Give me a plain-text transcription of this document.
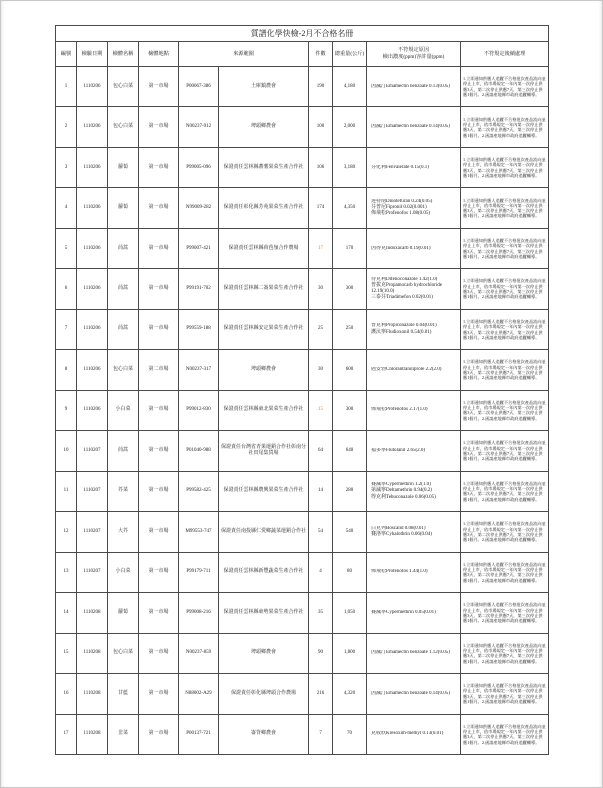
質譜化學快檢-2月不合格名冊									
編號	檢驗日期	檢體名稱	檢體地點	來源範圍		件數	總重量(公斤)	不符規定原因
檢出濃度(ppm)容許量(ppm)	不符規定後續處理
1	1110206	包心白菜	第一市場	P00067-386	土庫鎮農會	190	4,180	因滅汀Emamectin benzoate 0.13(0.05)	1.立即通知供應人追蹤不合格批次產品流向並停止上市，依市場規定一年內第一次停止供應3天，第二次停止供應7天，第三次停止供應1個月。2.函請產地縣市政府追蹤輔導。

2	1110206	包心白菜	第一市場	N00237-912	埤頭鄉農會	100	2,000	因滅汀Emamectin benzoate 0.14(0.05)	1.立即通知供應人追蹤不合格批次產品流向並停止上市，依市場規定一年內第一次停止供應3天，第二次停止供應7天，第三次停止供應1個月。2.函請產地縣市政府追蹤輔導。

3	1110206	蘿蔔	第一市場	P99005-096	保證責任雲林縣蕃薯果菜生產合作社	106	3,180	芬化利Fenvalerate 0.15(0.1)	1.立即通知供應人追蹤不合格批次產品流向並停止上市，依市場規定一年內第一次停止供應3天，第二次停止供應7天，第三次停止供應1個月。2.函請產地縣市政府追蹤輔導。

4	1110206	蘿蔔	第一市場	N99009-282	保證責任彰化縣芳苑果菜生產合作社	174	4,350	達特南Dinotefuran 0.24(0.05)
芬普尼Fipronil 0.02(0.001)
佈飛松Profenofos 1.08(0.05)	1.立即通知供應人追蹤不合格批次產品流向並停止上市，依市場規定一年內第一次停止供應3天，第二次停止供應7天，第三次停止供應1個月。2.函請產地縣市政府追蹤輔導。

5	1110206	茼蒿	第一市場	P99007-421	保證責任雲林縣荷苞嶺合作農場	17	170	因得克Indoxacarb 0.19(0.01)	1.立即通知供應人追蹤不合格批次產品流向並停止上市，依市場規定一年內第一次停止供應3天，第二次停止供應7天，第三次停止供應1個月。2.函請產地縣市政府追蹤輔導。

6	1110206	茼蒿	第一市場	P99191-702	保證責任雲林縣二崙果菜生產合作社	30	300	待克利Difenoconazole 1.42(1.0)
普拔克Propamocarb hydrochloride 12.19(10.0)
三泰芬Triadimefon 0.02(0.01)	1.立即通知供應人追蹤不合格批次產品流向並停止上市，依市場規定一年內第一次停止供應3天，第二次停止供應7天，第三次停止供應1個月。2.函請產地縣市政府追蹤輔導。

7	1110206	茼蒿	第一市場	P99559-188	保證責任雲林縣安定果菜生產合作社	25	250	普克利Propiconazole 0.04(0.01)
護汰寧Fludioxonil 0.54(0.01)	1.立即通知供應人追蹤不合格批次產品流向並停止上市，依市場規定一年內第一次停止供應3天，第二次停止供應7天，第三次停止供應1個月。2.函請產地縣市政府追蹤輔導。

8	1110206	包心白菜	第二市場	N00237-317	埤頭鄉農會	30	600	剋安勃Chlorantraniliprole 2.2(2.0)	1.立即通知供應人追蹤不合格批次產品流向並停止上市，依市場規定一年內第一次停止供應3天，第二次停止供應7天，第三次停止供應1個月。2.函請產地縣市政府追蹤輔導。

9	1110206	小白菜	第一市場	P99012-830	保證責任雲林縣東北果菜生產合作社	15	300	佈飛松Profenofos 2.17(1.0)	1.立即通知供應人追蹤不合格批次產品流向並停止上市，依市場規定一年內第一次停止供應3天，第二次停止供應7天，第三次停止供應1個月。2.函請產地縣市政府追蹤輔導。

10	1110207	茼蒿	第一市場	P01040-988	保證責任台灣省青果運銷合作社彰南分社田尾集貨場	64	640	福多寧Flutolanil 2.65(2.0)	1.立即通知供應人追蹤不合格批次產品流向並停止上市，依市場規定一年內第一次停止供應3天，第二次停止供應7天，第三次停止供應1個月。2.函請產地縣市政府追蹤輔導。

11	1110207	芥菜	第一市場	P99582-425	保證責任雲林縣農興果菜生產合作社	14	280	賽滅寧Cypermethrin 1.2(1.0)
第滅寧Deltamethrin 0.94(0.2)
得克利Tebuconazole 0.06(0.05)	1.立即通知供應人追蹤不合格批次產品流向並停止上市，依市場規定一年內第一次停止供應3天，第二次停止供應7天，第三次停止供應1個月。2.函請產地縣市政府追蹤輔導。

12	1110207	大芥	第一市場	M99553-747	保證責任南投縣仁愛鄉蔬菜運銷合作社	54	540	白克列Boscalid 0.08(0.01)
賽洛寧Cyhalothrin 0.06(0.04)	1.立即通知供應人追蹤不合格批次產品流向並停止上市，依市場規定一年內第一次停止供應3天，第二次停止供應7天，第三次停止供應1個月。2.函請產地縣市政府追蹤輔導。

13	1110207	小白菜	第一市場	P99179-711	保證責任雲林縣新豐蔬菜生產合作社	4	80	佈飛松Profenofos 1.44(1.0)	1.立即通知供應人追蹤不合格批次產品流向並停止上市，依市場規定一年內第一次停止供應3天，第二次停止供應7天，第三次停止供應1個月。2.函請產地縣市政府追蹤輔導。

14	1110208	蘿蔔	第一市場	P99008-216	保證責任雲林縣東勢果菜生產合作社	35	1,050	賽滅寧Cypermethrin 0.05(0.01)	1.立即通知供應人追蹤不合格批次產品流向並停止上市，依市場規定一年內第一次停止供應3天，第二次停止供應7天，第三次停止供應1個月。2.函請產地縣市政府追蹤輔導。

15	1110208	包心白菜	第一市場	N00237-859	埤頭鄉農會	90	1,800	因滅汀Emamectin benzoate 1.12(0.05)	1.立即通知供應人追蹤不合格批次產品流向並停止上市，依市場規定一年內第一次停止供應3天，第二次停止供應7天，第三次停止供應1個月。2.函請產地縣市政府追蹤輔導。

16	1110208	甘藍	第一市場	N88002-A29	保證責任彰化縣埤頭合作農場	216	4,320	因滅汀Emamectin benzoate 0.14(0.05)	1.立即通知供應人追蹤不合格批次產品流向並停止上市，依市場規定一年內第一次停止供應3天，第二次停止供應7天，第三次停止供應1個月。2.函請產地縣市政府追蹤輔導。

17	1110208	韭菜	第一市場	P00137-721	崙背鄉農會	7	70	克收欣Kresoxim-methyl 0.13(0.01)	1.立即通知供應人追蹤不合格批次產品流向並停止上市，依市場規定一年內第一次停止供應3天，第二次停止供應7天，第三次停止供應1個月。2.函請產地縣市政府追蹤輔導。
